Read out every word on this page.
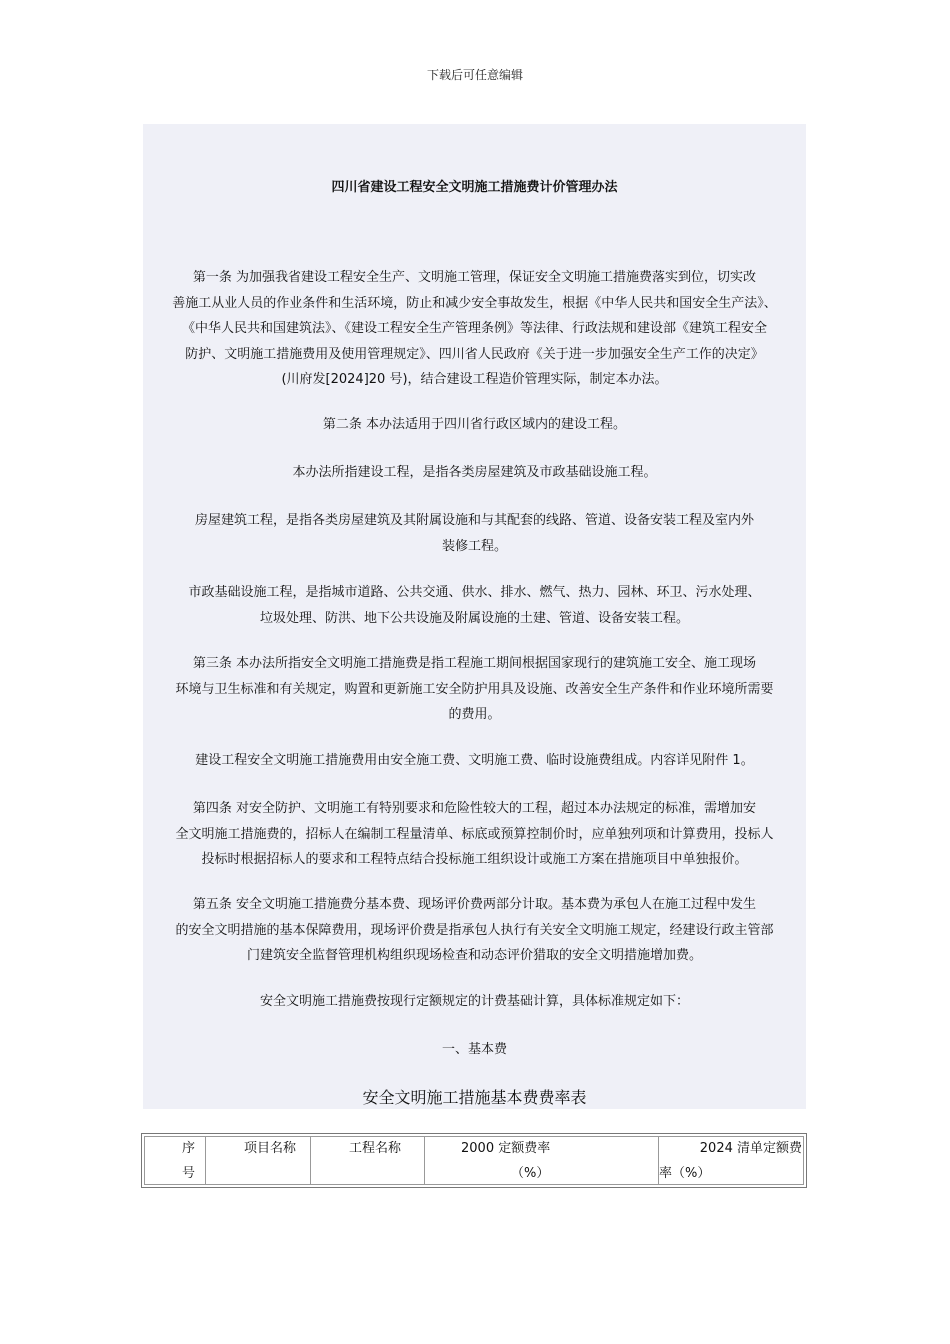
下载后可任意编辑
四川省建设工程安全文明施工措施费计价管理办法
第一条 为加强我省建设工程安全生产、文明施工管理，保证安全文明施工措施费落实到位，切实改
善施工从业人员的作业条件和生活环境，防止和减少安全事故发生，根据《中华人民共和国安全生产法》、
《中华人民共和国建筑法》、《建设工程安全生产管理条例》等法律、行政法规和建设部《建筑工程安全
防护、文明施工措施费用及使用管理规定》、四川省人民政府《关于进一步加强安全生产工作的决定》
(川府发[2024]20 号)，结合建设工程造价管理实际，制定本办法。
第二条 本办法适用于四川省行政区域内的建设工程。
本办法所指建设工程，是指各类房屋建筑及市政基础设施工程。
房屋建筑工程，是指各类房屋建筑及其附属设施和与其配套的线路、管道、设备安装工程及室内外
装修工程。
市政基础设施工程，是指城市道路、公共交通、供水、排水、燃气、热力、园林、环卫、污水处理、
垃圾处理、防洪、地下公共设施及附属设施的土建、管道、设备安装工程。
第三条 本办法所指安全文明施工措施费是指工程施工期间根据国家现行的建筑施工安全、施工现场
环境与卫生标准和有关规定，购置和更新施工安全防护用具及设施、改善安全生产条件和作业环境所需要
的费用。
建设工程安全文明施工措施费用由安全施工费、文明施工费、临时设施费组成。内容详见附件 1。
第四条 对安全防护、文明施工有特别要求和危险性较大的工程，超过本办法规定的标准，需增加安
全文明施工措施费的，招标人在编制工程量清单、标底或预算控制价时，应单独列项和计算费用，投标人
投标时根据招标人的要求和工程特点结合投标施工组织设计或施工方案在措施项目中单独报价。
第五条 安全文明施工措施费分基本费、现场评价费两部分计取。基本费为承包人在施工过程中发生
的安全文明措施的基本保障费用，现场评价费是指承包人执行有关安全文明施工规定，经建设行政主管部
门建筑安全监督管理机构组织现场检查和动态评价猎取的安全文明措施增加费。
安全文明施工措施费按现行定额规定的计费基础计算，具体标准规定如下：
一、基本费
安全文明施工措施基本费费率表
序
号
项目名称	工程名称	2000 定额费率
（%）
2024 清单定额费
率（%）
